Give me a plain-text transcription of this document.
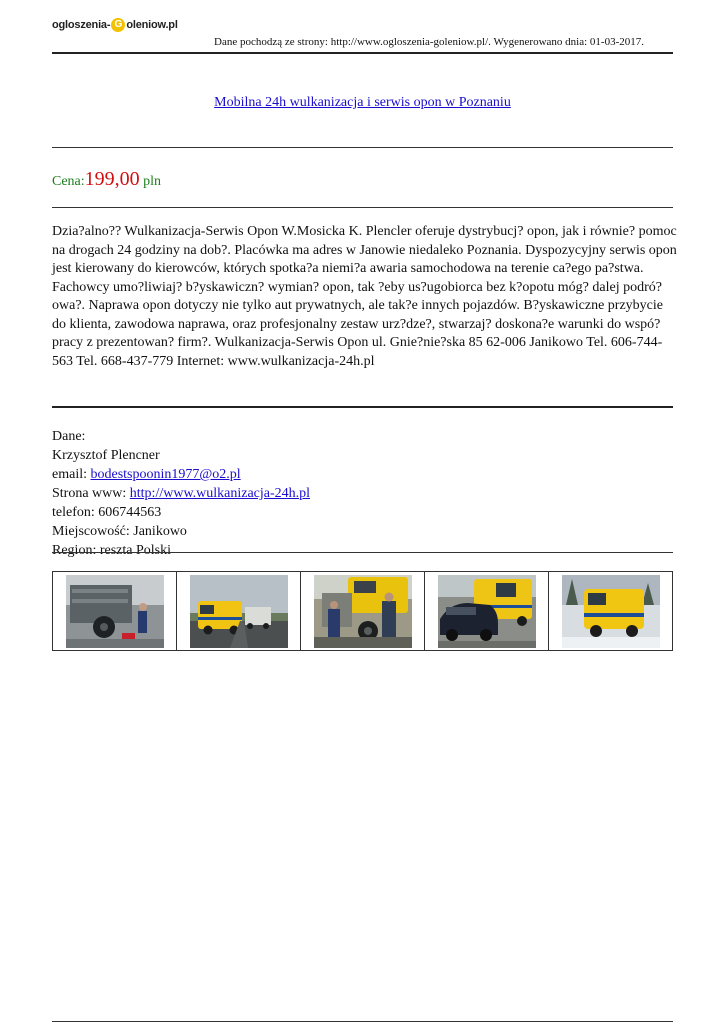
ogloszenia- G oleniow.pl
Dane pochodzą ze strony: http://www.ogloszenia-goleniow.pl/. Wygenerowano dnia: 01-03-2017.
Mobilna 24h wulkanizacja i serwis opon w Poznaniu
Cena:199,00 pln
Dzia?alno?? Wulkanizacja-Serwis Opon W.Mosicka K. Plencler oferuje dystrybucj? opon, jak i równie? pomoc na drogach 24 godziny na dob?. Placówka ma adres w Janowie niedaleko Poznania. Dyspozycyjny serwis opon jest kierowany do kierowców, których spotka?a niemi?a awaria samochodowa na terenie ca?ego pa?stwa. Fachowcy umo?liwiaj? b?yskawiczn? wymian? opon, tak ?eby us?ugobiorca bez k?opotu móg? dalej podró?owa?. Naprawa opon dotyczy nie tylko aut prywatnych, ale tak?e innych pojazdów. B?yskawiczne przybycie do klienta, zawodowa naprawa, oraz profesjonalny zestaw urz?dze?, stwarzaj? doskona?e warunki do wspó?pracy z prezentowan? firm?. Wulkanizacja-Serwis Opon ul. Gnie?nie?ska 85 62-006 Janikowo Tel. 606-744-563 Tel. 668-437-779 Internet: www.wulkanizacja-24h.pl
Dane:
Krzysztof Plencner
email: bodestspoonin1977@o2.pl
Strona www: http://www.wulkanizacja-24h.pl
telefon: 606744563
Miejscowość: Janikowo
Region: reszta Polski
